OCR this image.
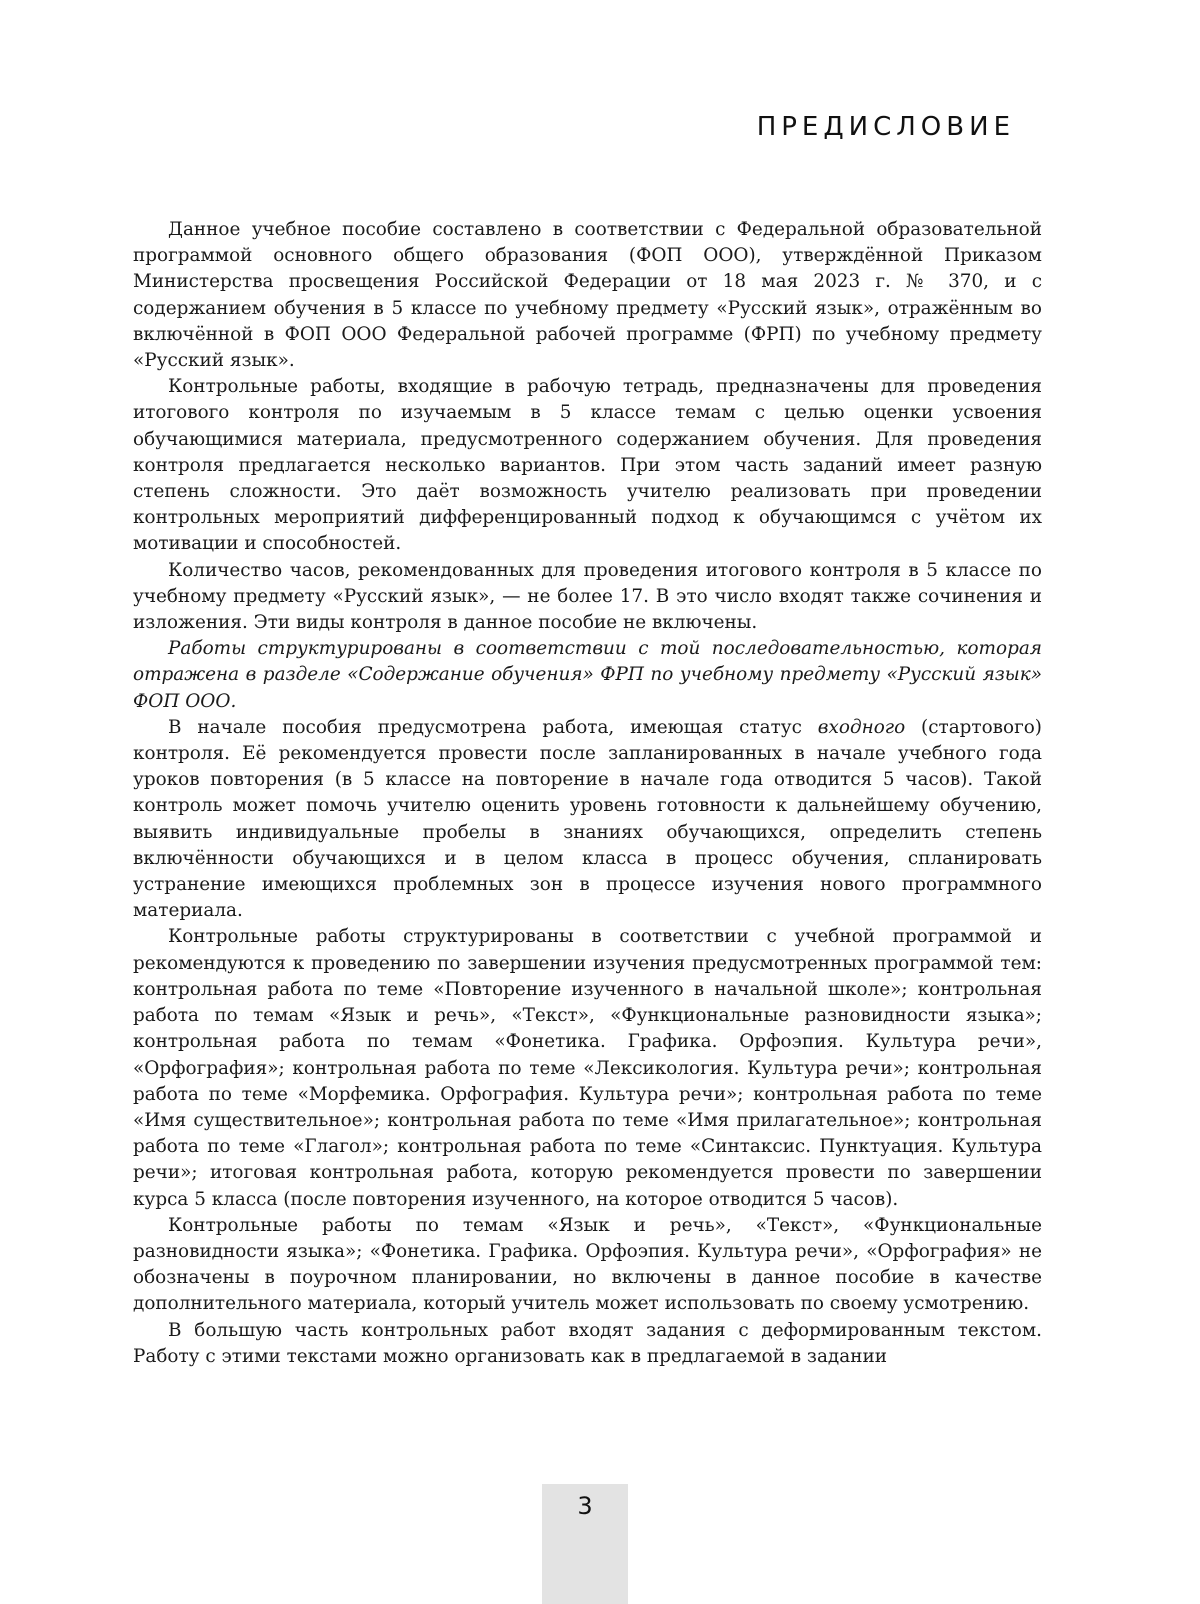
ПРЕДИСЛОВИЕ

Данное учебное пособие составлено в соответствии с Федеральной образовательной программой основного общего образования (ФОП ООО), утверждённой Приказом Министерства просвещения Российской Федерации от 18 мая 2023 г. № 370, и с содержанием обучения в 5 классе по учебному предмету «Русский язык», отражённым во включённой в ФОП ООО Федеральной рабочей программе (ФРП) по учебному предмету «Русский язык».

Контрольные работы, входящие в рабочую тетрадь, предназначены для проведения итогового контроля по изучаемым в 5 классе темам с целью оценки усвоения обучающимися материала, предусмотренного содержанием обучения. Для проведения контроля предлагается несколько вариантов. При этом часть заданий имеет разную степень сложности. Это даёт возможность учителю реализовать при проведении контрольных мероприятий дифференцированный подход к обучающимся с учётом их мотивации и способностей.

Количество часов, рекомендованных для проведения итогового контроля в 5 классе по учебному предмету «Русский язык», — не более 17. В это число входят также сочинения и изложения. Эти виды контроля в данное пособие не включены.

Работы структурированы в соответствии с той последовательностью, которая отражена в разделе «Содержание обучения» ФРП по учебному предмету «Русский язык» ФОП ООО.

В начале пособия предусмотрена работа, имеющая статус входного (стартового) контроля. Её рекомендуется провести после запланированных в начале учебного года уроков повторения (в 5 классе на повторение в начале года отводится 5 часов). Такой контроль может помочь учителю оценить уровень готовности к дальнейшему обучению, выявить индивидуальные пробелы в знаниях обучающихся, определить степень включённости обучающихся и в целом класса в процесс обучения, спланировать устранение имеющихся проблемных зон в процессе изучения нового программного материала.

Контрольные работы структурированы в соответствии с учебной программой и рекомендуются к проведению по завершении изучения предусмотренных программой тем: контрольная работа по теме «Повторение изученного в начальной школе»; контрольная работа по темам «Язык и речь», «Текст», «Функциональные разновидности языка»; контрольная работа по темам «Фонетика. Графика. Орфоэпия. Культура речи», «Орфография»; контрольная работа по теме «Лексикология. Культура речи»; контрольная работа по теме «Морфемика. Орфография. Культура речи»; контрольная работа по теме «Имя существительное»; контрольная работа по теме «Имя прилагательное»; контрольная работа по теме «Глагол»; контрольная работа по теме «Синтаксис. Пунктуация. Культура речи»; итоговая контрольная работа, которую рекомендуется провести по завершении курса 5 класса (после повторения изученного, на которое отводится 5 часов).

Контрольные работы по темам «Язык и речь», «Текст», «Функциональные разновидности языка»; «Фонетика. Графика. Орфоэпия. Культура речи», «Орфография» не обозначены в поурочном планировании, но включены в данное пособие в качестве дополнительного материала, который учитель может использовать по своему усмотрению.

В большую часть контрольных работ входят задания с деформированным текстом. Работу с этими текстами можно организовать как в предлагаемой в задании

3
